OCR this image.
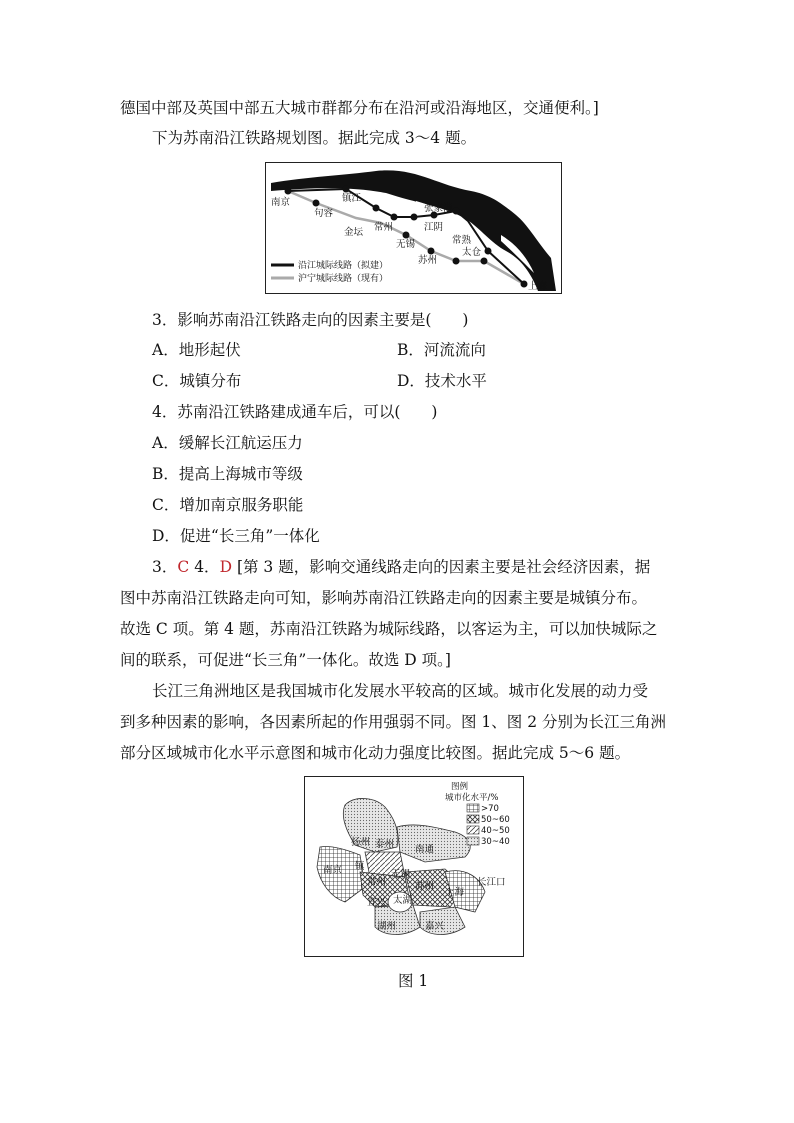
德国中部及英国中部五大城市群都分布在沿河或沿海地区，交通便利。]
下为苏南沿江铁路规划图。据此完成 3～4 题。
南京	镇江
句容
金坛 常州	江阴
张家港
无锡	常熟
苏州
太仓
上海
沿江城际线路（拟建）
沪宁城际线路（现有）
3．影响苏南沿江铁路走向的因素主要是(　　)
A．地形起伏	B．河流流向
C．城镇分布	D．技术水平
4．苏南沿江铁路建成通车后，可以(　　)
A．缓解长江航运压力
B．提高上海城市等级
C．增加南京服务职能
D．促进“长三角”一体化
3．C 4．D [第 3 题，影响交通线路走向的因素主要是社会经济因素，据
图中苏南沿江铁路走向可知，影响苏南沿江铁路走向的因素主要是城镇分布。
故选 C 项。第 4 题，苏南沿江铁路为城际线路，以客运为主，可以加快城际之
间的联系，可促进“长三角”一体化。故选 D 项。]
长江三角洲地区是我国城市化发展水平较高的区域。城市化发展的动力受
到多种因素的影响，各因素所起的作用强弱不同。图 1、图 2 分别为长江三角洲
部分区域城市化水平示意图和城市化动力强度比较图。据此完成 5～6 题。
扬州 泰州 南通
南京 镇
常州
无锡
苏州
上海
宜兴 太湖
湖州	嘉兴
长江口
图例
城市化水平/%
>70
50~60
40~50
30~40
图 1
